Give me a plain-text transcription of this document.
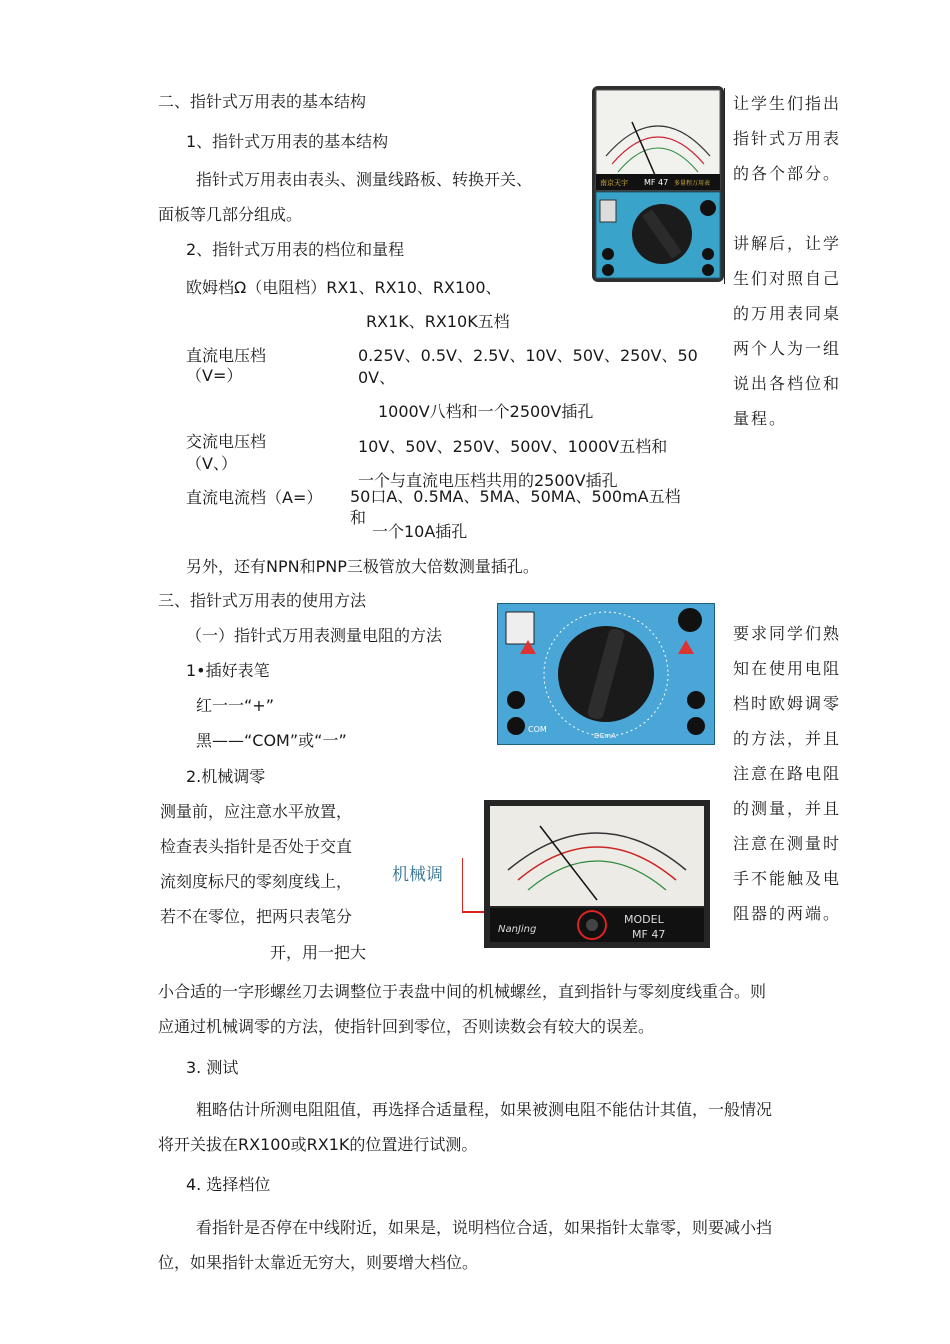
二、指针式万用表的基本结构
1、指针式万用表的基本结构
指针式万用表由表头、测量线路板、转换开关、
面板等几部分组成。
2、指针式万用表的档位和量程
欧姆档Ω（电阻档）RX1、RX10、RX100、
RX1K、RX10K五档
直流电压档
（V=）
0.25V、0.5V、2.5V、10V、50V、250V、50
0V、
1000V八档和一个2500V插孔
交流电压档
（V、）
10V、50V、250V、500V、1000V五档和
一个与直流电压档共用的2500V插孔
直流电流档（A=） 50口A、0.5MA、5MA、50MA、500mA五档
和
一个10A插孔
另外，还有NPN和PNP三极管放大倍数测量插孔。
让学生们指出
指针式万用表
的各个部分。
讲解后，让学
生们对照自己
的万用表同桌
两个人为一组
说出各档位和
量程。
南京天宇 MF 47 多量程万用表
三、指针式万用表的使用方法
（一）指针式万用表测量电阻的方法
1•插好表笔
红一一“+”
黑——“COM”或“一”
2.机械调零
测量前，应注意水平放置，
检查表头指针是否处于交直
流刻度标尺的零刻度线上，
若不在零位，把两只表笔分
开，用一把大
小合适的一字形螺丝刀去调整位于表盘中间的机械螺丝，直到指针与零刻度线重合。则
应通过机械调零的方法，使指针回到零位，否则读数会有较大的误差。
机械调
COM
DCmA
MODEL
MF 47
NanJing
要求同学们熟
知在使用电阻
档时欧姆调零
的方法，并且
注意在路电阻
的测量，并且
注意在测量时
手不能触及电
阻器的两端。
3. 测试
粗略估计所测电阻阻值，再选择合适量程，如果被测电阻不能估计其值，一般情况
将开关拔在RX100或RX1K的位置进行试测。
4. 选择档位
看指针是否停在中线附近，如果是，说明档位合适，如果指针太靠零，则要减小挡
位，如果指针太靠近无穷大，则要增大档位。
